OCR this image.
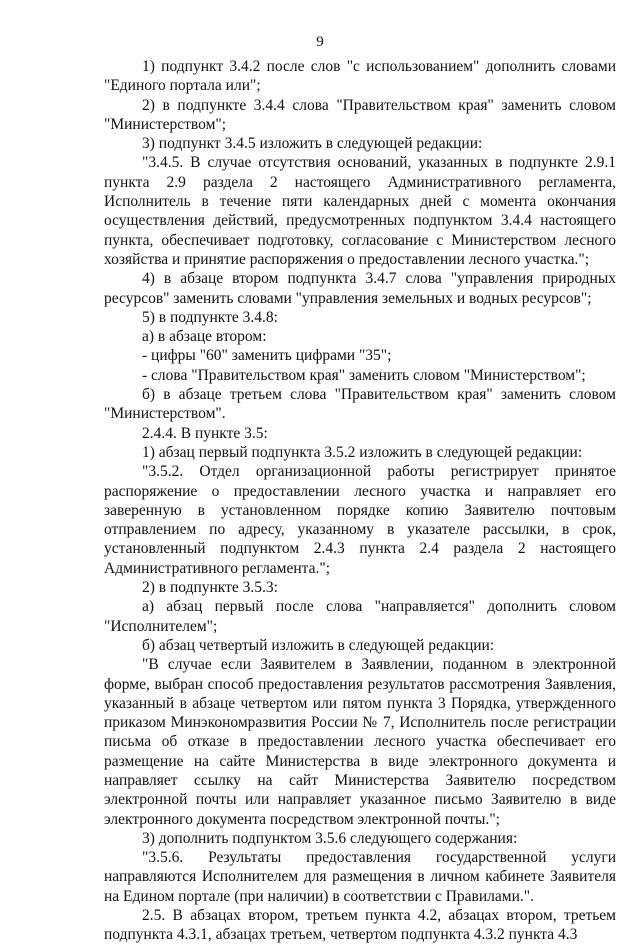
9

1) подпункт 3.4.2 после слов "с использованием" дополнить словами "Единого портала или";

2) в подпункте 3.4.4 слова "Правительством края" заменить словом "Министерством";

3) подпункт 3.4.5 изложить в следующей редакции:

"3.4.5. В случае отсутствия оснований, указанных в подпункте 2.9.1 пункта 2.9 раздела 2 настоящего Административного регламента, Исполнитель в течение пяти календарных дней с момента окончания осуществления действий, предусмотренных подпунктом 3.4.4 настоящего пункта, обеспечивает подготовку, согласование с Министерством лесного хозяйства и принятие распоряжения о предоставлении лесного участка.";

4) в абзаце втором подпункта 3.4.7 слова "управления природных ресурсов" заменить словами "управления земельных и водных ресурсов";

5) в подпункте 3.4.8:

а) в абзаце втором:

- цифры "60" заменить цифрами "35";

- слова "Правительством края" заменить словом "Министерством";

б) в абзаце третьем слова "Правительством края" заменить словом "Министерством".

2.4.4. В пункте 3.5:

1) абзац первый подпункта 3.5.2 изложить в следующей редакции:

"3.5.2. Отдел организационной работы регистрирует принятое распоряжение о предоставлении лесного участка и направляет его заверенную в установленном порядке копию Заявителю почтовым отправлением по адресу, указанному в указателе рассылки, в срок, установленный подпунктом 2.4.3 пункта 2.4 раздела 2 настоящего Административного регламента.";

2) в подпункте 3.5.3:

а) абзац первый после слова "направляется" дополнить словом "Исполнителем";

б) абзац четвертый изложить в следующей редакции:

"В случае если Заявителем в Заявлении, поданном в электронной форме, выбран способ предоставления результатов рассмотрения Заявления, указанный в абзаце четвертом или пятом пункта 3 Порядка, утвержденного приказом Минэкономразвития России № 7, Исполнитель после регистрации письма об отказе в предоставлении лесного участка обеспечивает его размещение на сайте Министерства в виде электронного документа и направляет ссылку на сайт Министерства Заявителю посредством электронной почты или направляет указанное письмо Заявителю в виде электронного документа посредством электронной почты.";

3) дополнить подпунктом 3.5.6 следующего содержания:

"3.5.6. Результаты предоставления государственной услуги направляются Исполнителем для размещения в личном кабинете Заявителя на Едином портале (при наличии) в соответствии с Правилами.".

2.5. В абзацах втором, третьем пункта 4.2, абзацах втором, третьем подпункта 4.3.1, абзацах третьем, четвертом подпункта 4.3.2 пункта 4.3
